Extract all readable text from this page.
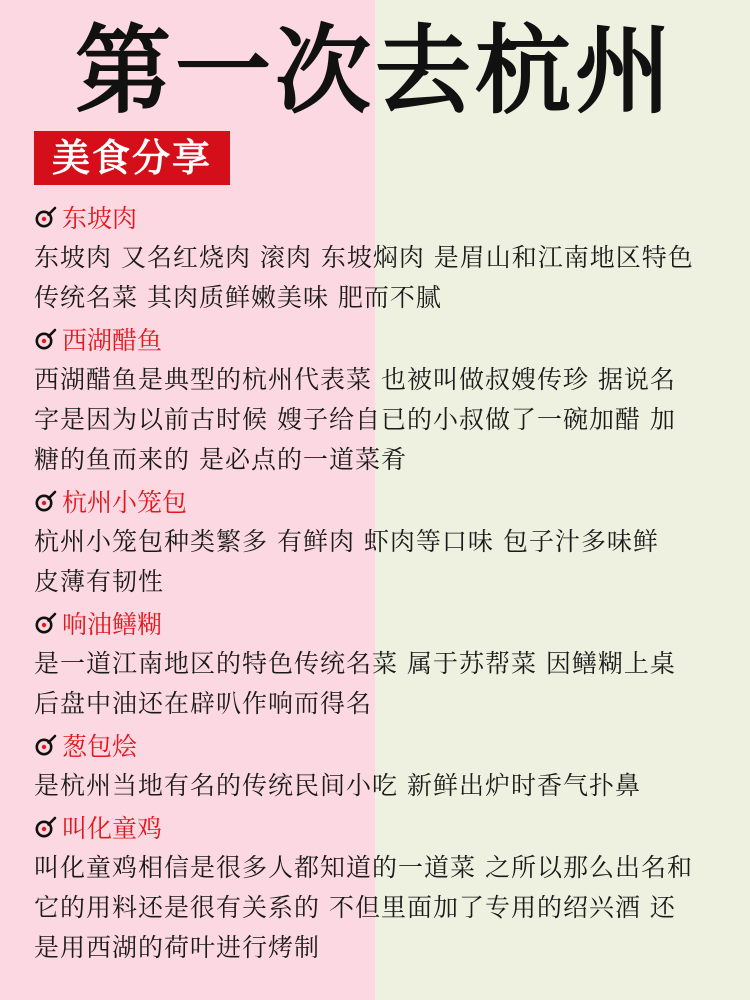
第一次去杭州
美食分享
东坡肉
东坡肉 又名红烧肉 滚肉 东坡焖肉 是眉山和江南地区特色
传统名菜 其肉质鲜嫩美味 肥而不腻
西湖醋鱼
西湖醋鱼是典型的杭州代表菜 也被叫做叔嫂传珍 据说名
字是因为以前古时候 嫂子给自已的小叔做了一碗加醋 加
糖的鱼而来的 是必点的一道菜肴
杭州小笼包
杭州小笼包种类繁多 有鲜肉 虾肉等口味 包子汁多味鲜
皮薄有韧性
响油鳝糊
是一道江南地区的特色传统名菜 属于苏帮菜 因鳝糊上桌
后盘中油还在辟叭作响而得名
葱包烩
是杭州当地有名的传统民间小吃 新鲜出炉时香气扑鼻
叫化童鸡
叫化童鸡相信是很多人都知道的一道菜 之所以那么出名和
它的用料还是很有关系的 不但里面加了专用的绍兴酒 还
是用西湖的荷叶进行烤制
